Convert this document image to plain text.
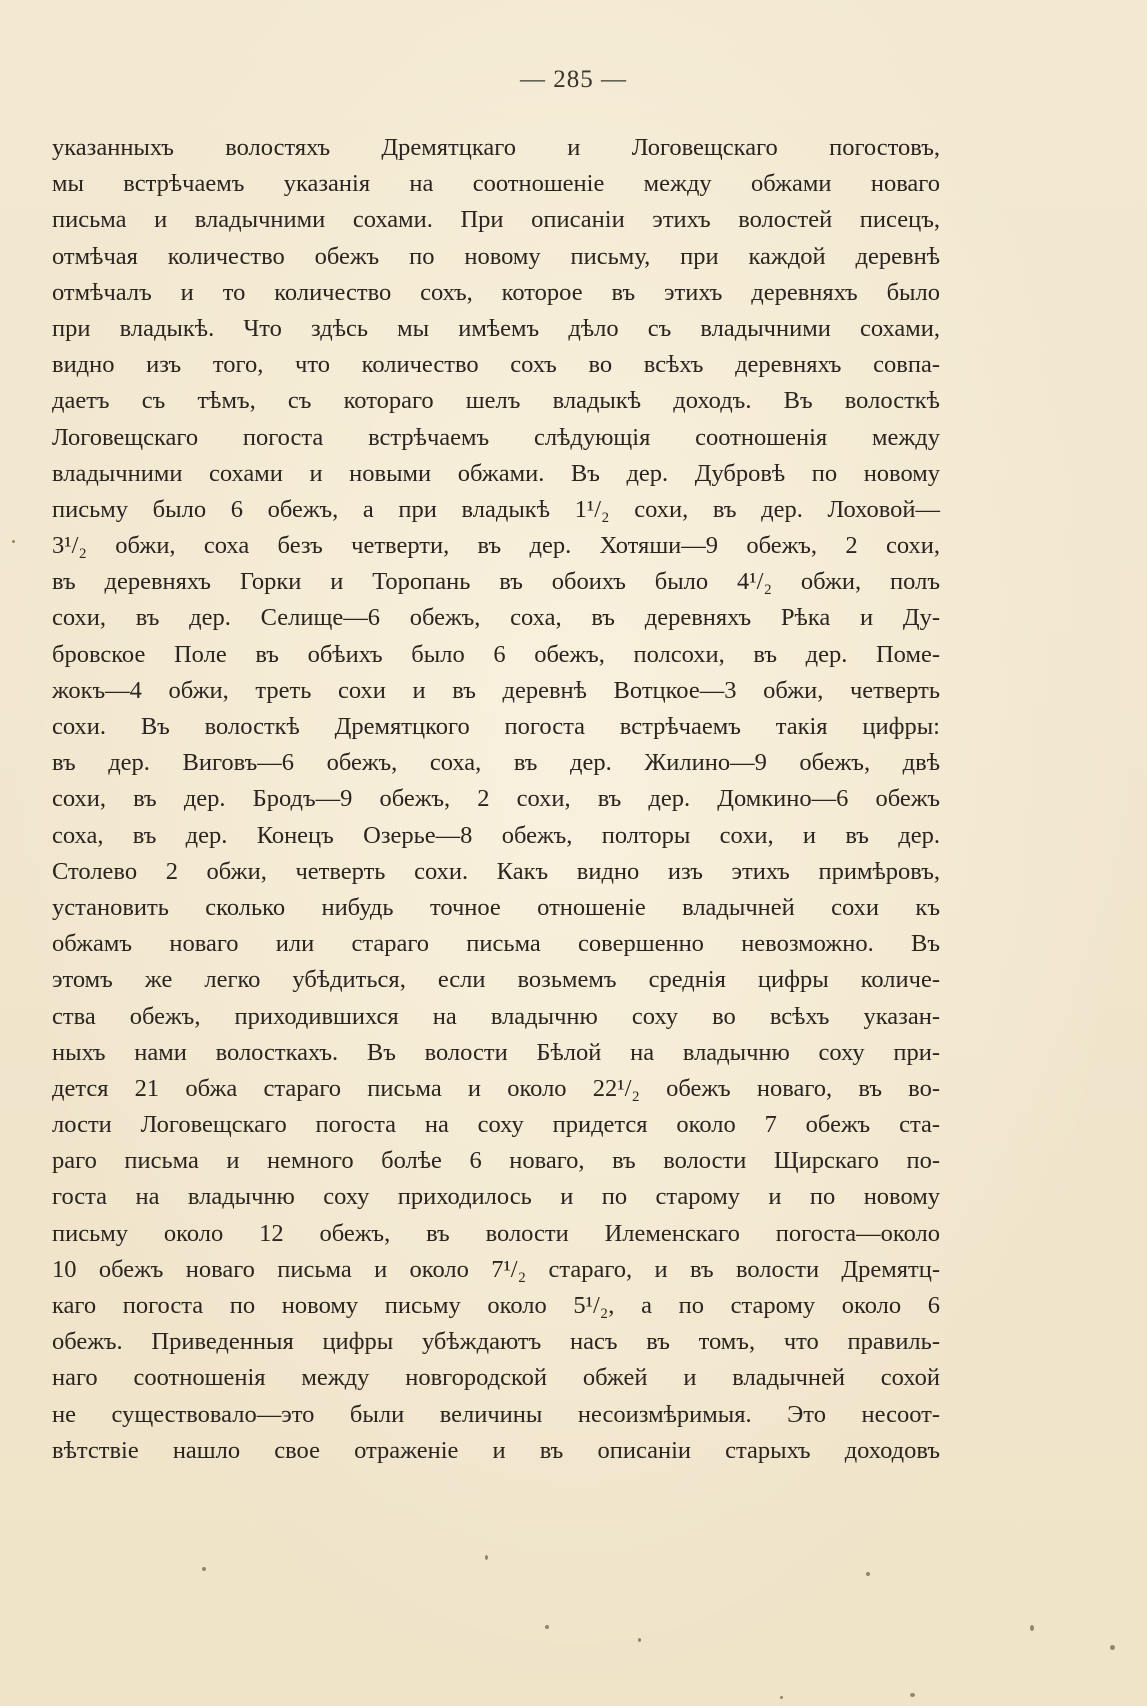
— 285 —
указанныхъ волостяхъ Дремятцкаго и Логовещскаго погостовъ,
мы встрѣчаемъ указанія на соотношеніе между обжами новаго
письма и владычними сохами. При описаніи этихъ волостей писецъ,
отмѣчая количество обежъ по новому письму, при каждой деревнѣ
отмѣчалъ и то количество сохъ, которое въ этихъ деревняхъ было
при владыкѣ. Что здѣсь мы имѣемъ дѣло съ владычними сохами,
видно изъ того, что количество сохъ во всѣхъ деревняхъ совпа-
даетъ съ тѣмъ, съ котораго шелъ владыкѣ доходъ. Въ волосткѣ
Логовещскаго погоста встрѣчаемъ слѣдующія соотношенія между
владычними сохами и новыми обжами. Въ дер. Дубровѣ по новому
письму было 6 обежъ, а при владыкѣ 1¹/₂ сохи, въ дер. Лоховой—
3¹/₂ обжи, соха безъ четверти, въ дер. Хотяши—9 обежъ, 2 сохи,
въ деревняхъ Горки и Торопань въ обоихъ было 4¹/₂ обжи, полъ
сохи, въ дер. Селище—6 обежъ, соха, въ деревняхъ Рѣка и Ду-
бровское Поле въ обѣихъ было 6 обежъ, полсохи, въ дер. Поме-
жокъ—4 обжи, треть сохи и въ деревнѣ Вотцкое—3 обжи, четверть
сохи. Въ волосткѣ Дремятцкого погоста встрѣчаемъ такія цифры:
въ дер. Виговъ—6 обежъ, соха, въ дер. Жилино—9 обежъ, двѣ
сохи, въ дер. Бродъ—9 обежъ, 2 сохи, въ дер. Домкино—6 обежъ
соха, въ дер. Конецъ Озерье—8 обежъ, полторы сохи, и въ дер.
Столево 2 обжи, четверть сохи. Какъ видно изъ этихъ примѣровъ,
установить сколько нибудь точное отношеніе владычней сохи къ
обжамъ новаго или стараго письма совершенно невозможно. Въ
этомъ же легко убѣдиться, если возьмемъ среднія цифры количе-
ства обежъ, приходившихся на владычню соху во всѣхъ указан-
ныхъ нами волосткахъ. Въ волости Бѣлой на владычню соху при-
дется 21 обжа стараго письма и около 22¹/₂ обежъ новаго, въ во-
лости Логовещскаго погоста на соху придется около 7 обежъ ста-
раго письма и немного болѣе 6 новаго, въ волости Щирскаго по-
госта на владычню соху приходилось и по старому и по новому
письму около 12 обежъ, въ волости Илеменскаго погоста—около
10 обежъ новаго письма и около 7¹/₂ стараго, и въ волости Дремятц-
каго погоста по новому письму около 5¹/₂, а по старому около 6
обежъ. Приведенныя цифры убѣждаютъ насъ въ томъ, что правиль-
наго соотношенія между новгородской обжей и владычней сохой
не существовало—это были величины несоизмѣримыя. Это несоот-
вѣтствіе нашло свое отраженіе и въ описаніи старыхъ доходовъ
